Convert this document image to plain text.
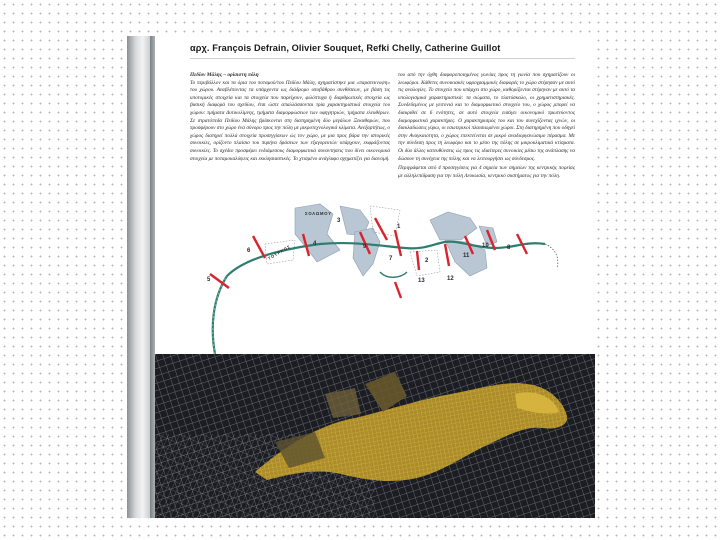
αρχ. François Defrain, Olivier Souquet, Refki Chelly, Catherine Guillot

Πεδίον Μάλης – ορίσιστη πόλη

Το περιβάλλον και τα όρια του ποταμού/του Πεδίου Μάλη, σχηματίστηκε μια «παρατεκνοψη» του χώρου. Αναβλέποντας τα υπάρχοντα ως διάδρομο υποβάθρου συνθέσεων, με βάση τις υποτομικές στοιχεία και τα στοιχεία που παρείχουν, φιλόπτυχα ή διαρθρωτικές στοιχεία ως βασική διαφορά του σχεδίου, έτσι ώστε απαλλάσσονται τρία χαρακτηριστικά στοιχεία του χώρου: τμήματα Δυτικολίμνης, τμήματα διαμορφώσεων των υφηγητριών, τμήματα ελευθέρων. Σε στρατόπεδα Πεδίου Μάλης βρίσκονται στη διατηρημένη δύο μεγάλων Ξεκαθαρών, που προσφέρουν στο χώρο ένα σύνορο προς την πόλη με μικροτεχνολογικά κλίματα. Ανεξαρτήτως, ο χώρος διατηρεί πολλά στοιχεία προσεγγίσεων ώς τον χώρο, με μια προς βάρα την ιστορικές συνοικίες, ορίζοντο πλαίσιο του πυρήνα δράσεων των εξαγορευτών υπάρχουν, εκφράζοντας συνοικίες. Το σχέδιο προσφέρει ενδιάμεσους διαμορφωτικά συναντήσεις που δίνει οικονομικά στοιχεία με ποταμοκαλύψεις και εκκλησιαστικές. Το χτισμένο ανάγλυφο σχηματίζει για διανομή.

του από την όχθη διαφοροποιημένος γωνίας προς τη γωνία που σχηματίζουν οι λεωφόροι. Κάθετες συνοικιακές υφρογραμμικές διαφορές το χώρο στέρησαν με αυτό τις αναλογίες. Το στοιχείο που υπάρχει στο χώρο, καθορίζονται στέρηναν με αυτό τα υπολογισμικά χαρακτηριστικά: τα σώματα, το πλατύσκαλο, οι χρηματιστηριακές. Συνδεδεμένος με γειτονιά και το διαμορφωτικό στοιχείο του, ο χώρος μπορεί να διακριθεί σε 6 ενότητες, σε αυτό στοιχεία εισάγει οικονομικό πρωτεύοντος διαμορφωτικά χαρακτήρες. Ο χαρακτηρισμός του και του συνεχίζοντας ιχνών, οι διακλαδώσεις γύρω, οι εσωτερικοί πλαισιωμένοι χώροι. Στη διατηρημένη που οδηγεί στην Αναγκαιότητα, ο χώρος επεκτείνεται σε μικρό αναδιοργανώσιμο πέρασμα. Με την σύνδεση προς τη λεωφόρο και το μέσο της πόλης σε μικροκλιματικά κτίσματα. Οι δύο άλλες κατευθύνσεις ώς προς τις ιδιαίτερες συνοικίες μέσω της ανάπλασης να δώσουν τη συνέχεια της πόλης και να λειτουργήσει ως σύνδεσμος.

Περιγράφεται από 4 προσεγγίσεις για 4 σημεία των σημείων της κεντρικής πορείας με αλληλεπίδραση για την πόλη Λευκωσία, κεντρικό συστήματος για την πόλη.

1
12
13
7
8
6
10
11
4
3
5
9
2
ΣΟΛΩΜΟΥ
ΤΟΥΡΚΟΣ
